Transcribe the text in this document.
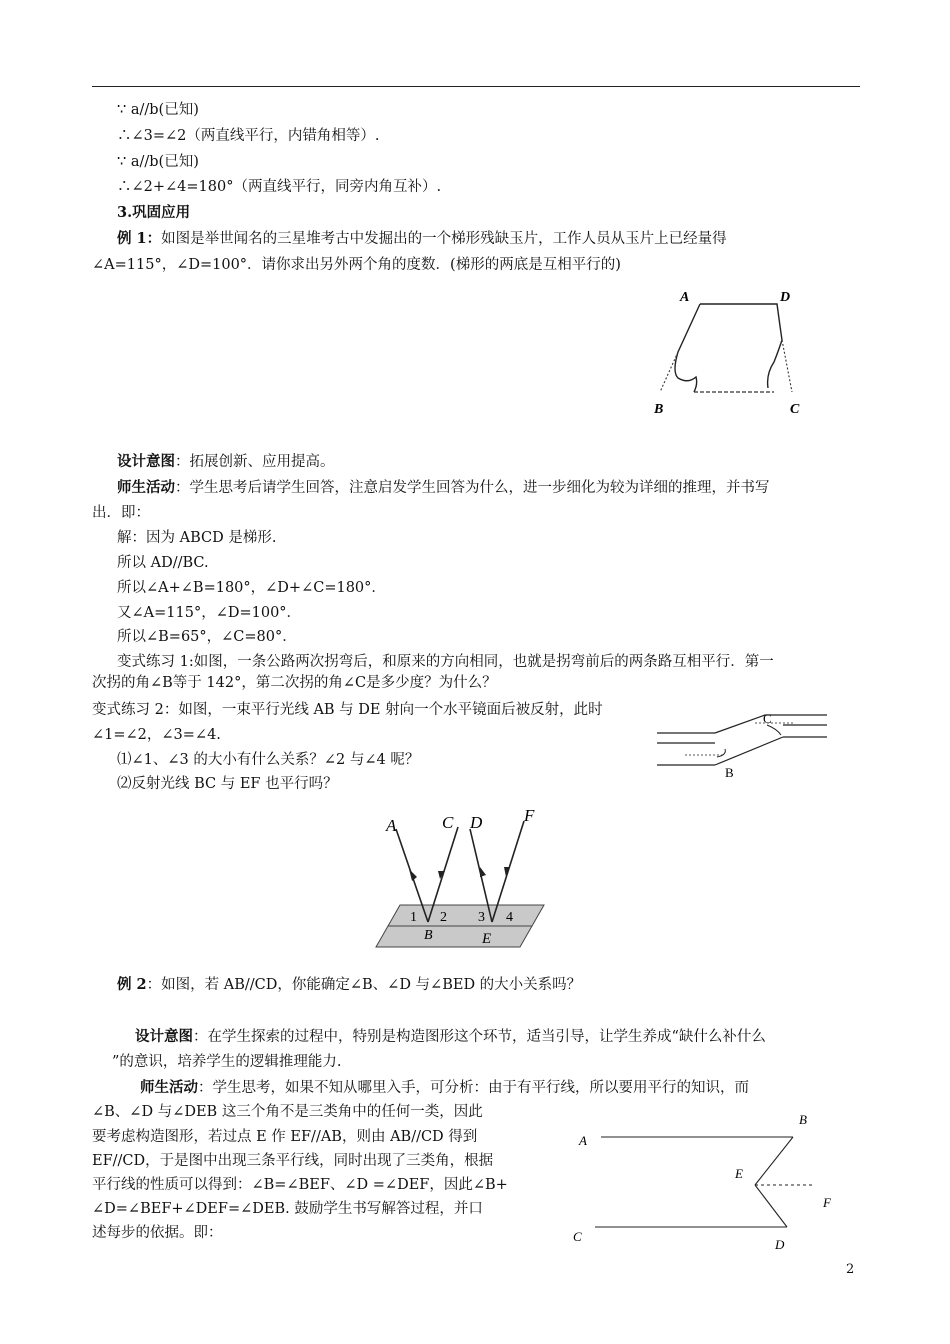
∵ a//b(已知)
∴∠3=∠2（两直线平行，内错角相等）.
∵ a//b(已知)
∴∠2+∠4=180°（两直线平行，同旁内角互补）.
3.巩固应用
例 1：如图是举世闻名的三星堆考古中发掘出的一个梯形残缺玉片，工作人员从玉片上已经量得
∠A=115°，∠D=100°．请你求出另外两个角的度数．(梯形的两底是互相平行的)
A	D
B	C
设计意图：拓展创新、应用提高。
师生活动：学生思考后请学生回答，注意启发学生回答为什么，进一步细化为较为详细的推理，并书写
出．即：
解：因为 ABCD 是梯形.
所以 AD//BC.
所以∠A+∠B=180°，∠D+∠C=180°．
又∠A=115°，∠D=100°．
所以∠B=65°，∠C=80°．
变式练习 1:如图，一条公路两次拐弯后，和原来的方向相同，也就是拐弯前后的两条路互相平行．第一
次拐的角∠B等于 142°，第二次拐的角∠C是多少度？为什么？
变式练习 2：如图，一束平行光线 AB 与 DE 射向一个水平镜面后被反射，此时
∠1=∠2，∠3=∠4.
⑴∠1、∠3 的大小有什么关系？∠2 与∠4 呢？
⑵反射光线 BC 与 EF 也平行吗？
C
B
A	C D F
1 2 3 4
B	E
例 2：如图，若 AB//CD，你能确定∠B、∠D 与∠BED 的大小关系吗？
设计意图：在学生探索的过程中，特别是构造图形这个环节，适当引导，让学生养成“缺什么补什么
”的意识，培养学生的逻辑推理能力.
师生活动：学生思考，如果不知从哪里入手，可分析：由于有平行线，所以要用平行的知识，而
∠B、∠D 与∠DEB 这三个角不是三类角中的任何一类，因此
要考虑构造图形，若过点 E 作 EF//AB，则由 AB//CD 得到
EF//CD，于是图中出现三条平行线，同时出现了三类角，根据
平行线的性质可以得到：∠B=∠BEF、∠D =∠DEF，因此∠B+
∠D=∠BEF+∠DEF=∠DEB. 鼓励学生书写解答过程，并口
述每步的依据。即：
A
B
E
F
C
D
2
